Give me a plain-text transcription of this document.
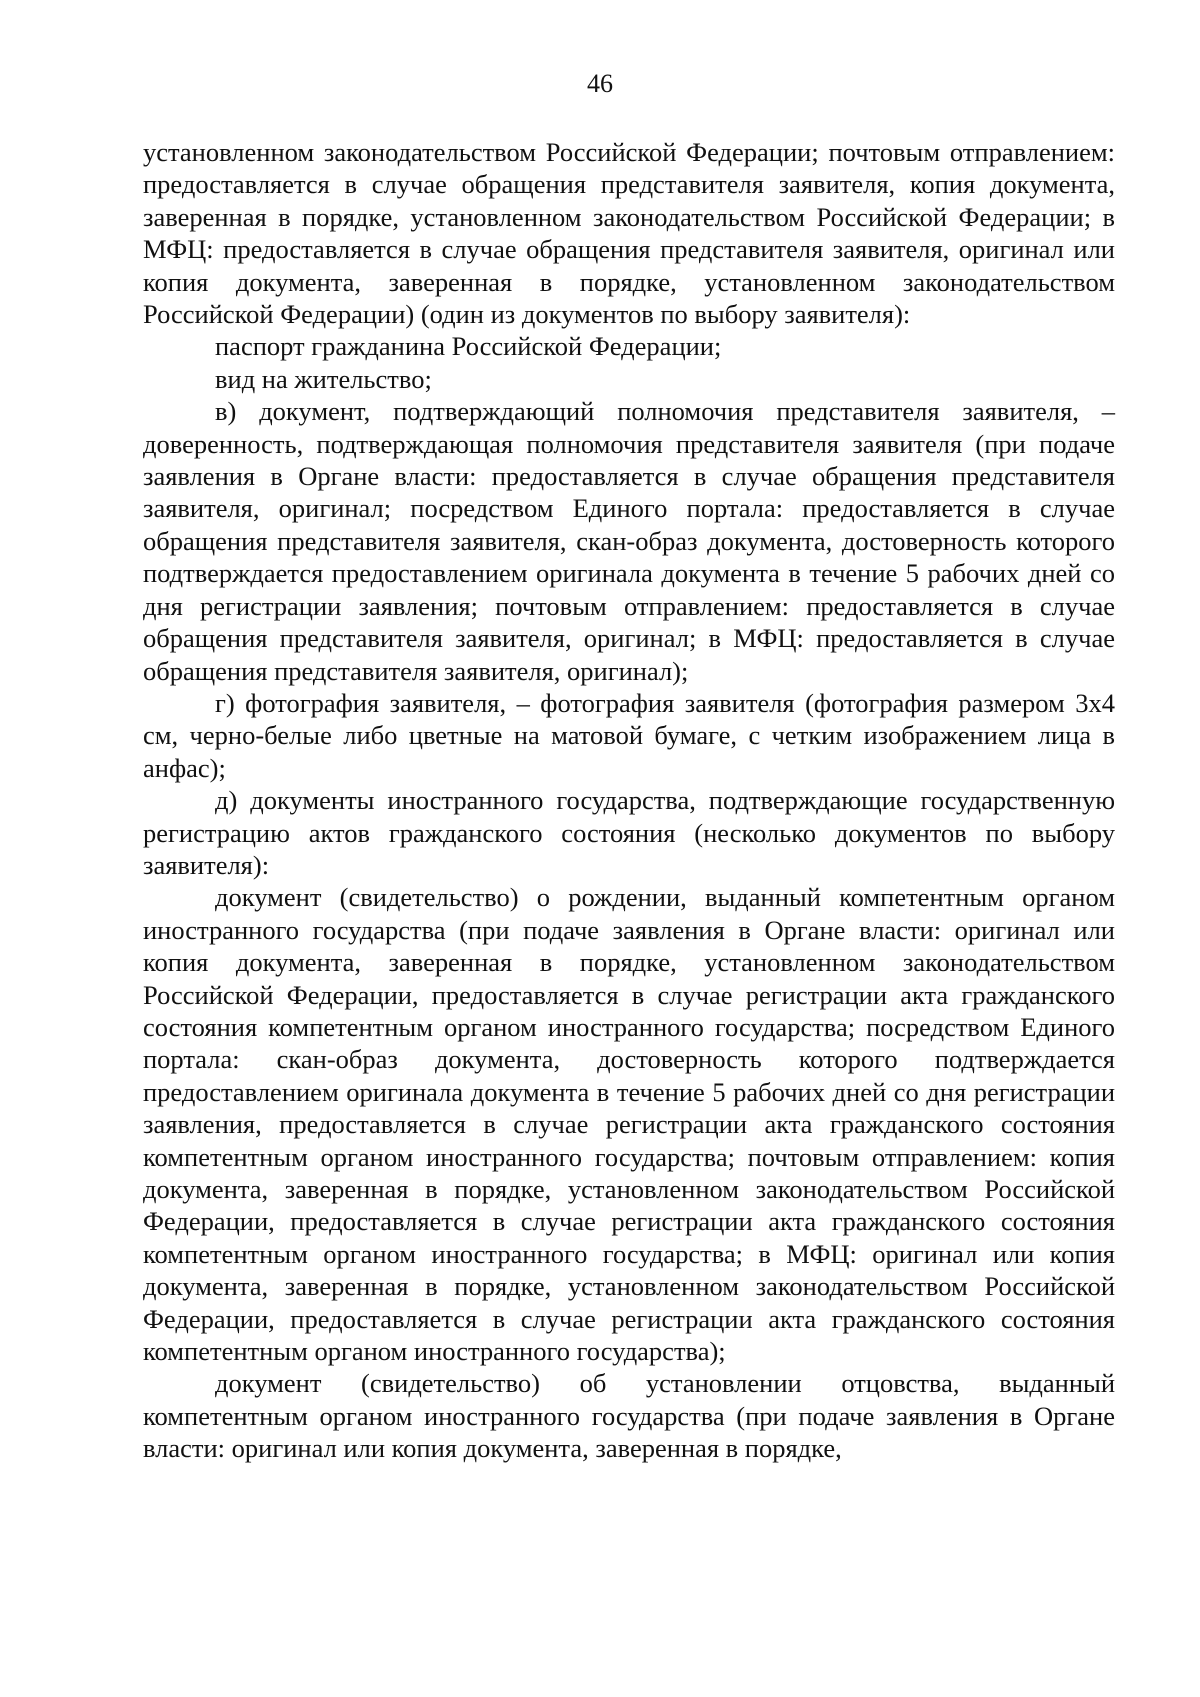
46

установленном законодательством Российской Федерации; почтовым отправлением: предоставляется в случае обращения представителя заявителя, копия документа, заверенная в порядке, установленном законодательством Российской Федерации; в МФЦ: предоставляется в случае обращения представителя заявителя, оригинал или копия документа, заверенная в порядке, установленном законодательством Российской Федерации) (один из документов по выбору заявителя):

паспорт гражданина Российской Федерации;

вид на жительство;

в) документ, подтверждающий полномочия представителя заявителя, – доверенность, подтверждающая полномочия представителя заявителя (при подаче заявления в Органе власти: предоставляется в случае обращения представителя заявителя, оригинал; посредством Единого портала: предоставляется в случае обращения представителя заявителя, скан-образ документа, достоверность которого подтверждается предоставлением оригинала документа в течение 5 рабочих дней со дня регистрации заявления; почтовым отправлением: предоставляется в случае обращения представителя заявителя, оригинал; в МФЦ: предоставляется в случае обращения представителя заявителя, оригинал);

г) фотография заявителя, – фотография заявителя (фотография размером 3х4 см, черно-белые либо цветные на матовой бумаге, с четким изображением лица в анфас);

д) документы иностранного государства, подтверждающие государственную регистрацию актов гражданского состояния (несколько документов по выбору заявителя):

документ (свидетельство) о рождении, выданный компетентным органом иностранного государства (при подаче заявления в Органе власти: оригинал или копия документа, заверенная в порядке, установленном законодательством Российской Федерации, предоставляется в случае регистрации акта гражданского состояния компетентным органом иностранного государства; посредством Единого портала: скан-образ документа, достоверность которого подтверждается предоставлением оригинала документа в течение 5 рабочих дней со дня регистрации заявления, предоставляется в случае регистрации акта гражданского состояния компетентным органом иностранного государства; почтовым отправлением: копия документа, заверенная в порядке, установленном законодательством Российской Федерации, предоставляется в случае регистрации акта гражданского состояния компетентным органом иностранного государства; в МФЦ: оригинал или копия документа, заверенная в порядке, установленном законодательством Российской Федерации, предоставляется в случае регистрации акта гражданского состояния компетентным органом иностранного государства);

документ (свидетельство) об установлении отцовства, выданный компетентным органом иностранного государства (при подаче заявления в Органе власти: оригинал или копия документа, заверенная в порядке,
